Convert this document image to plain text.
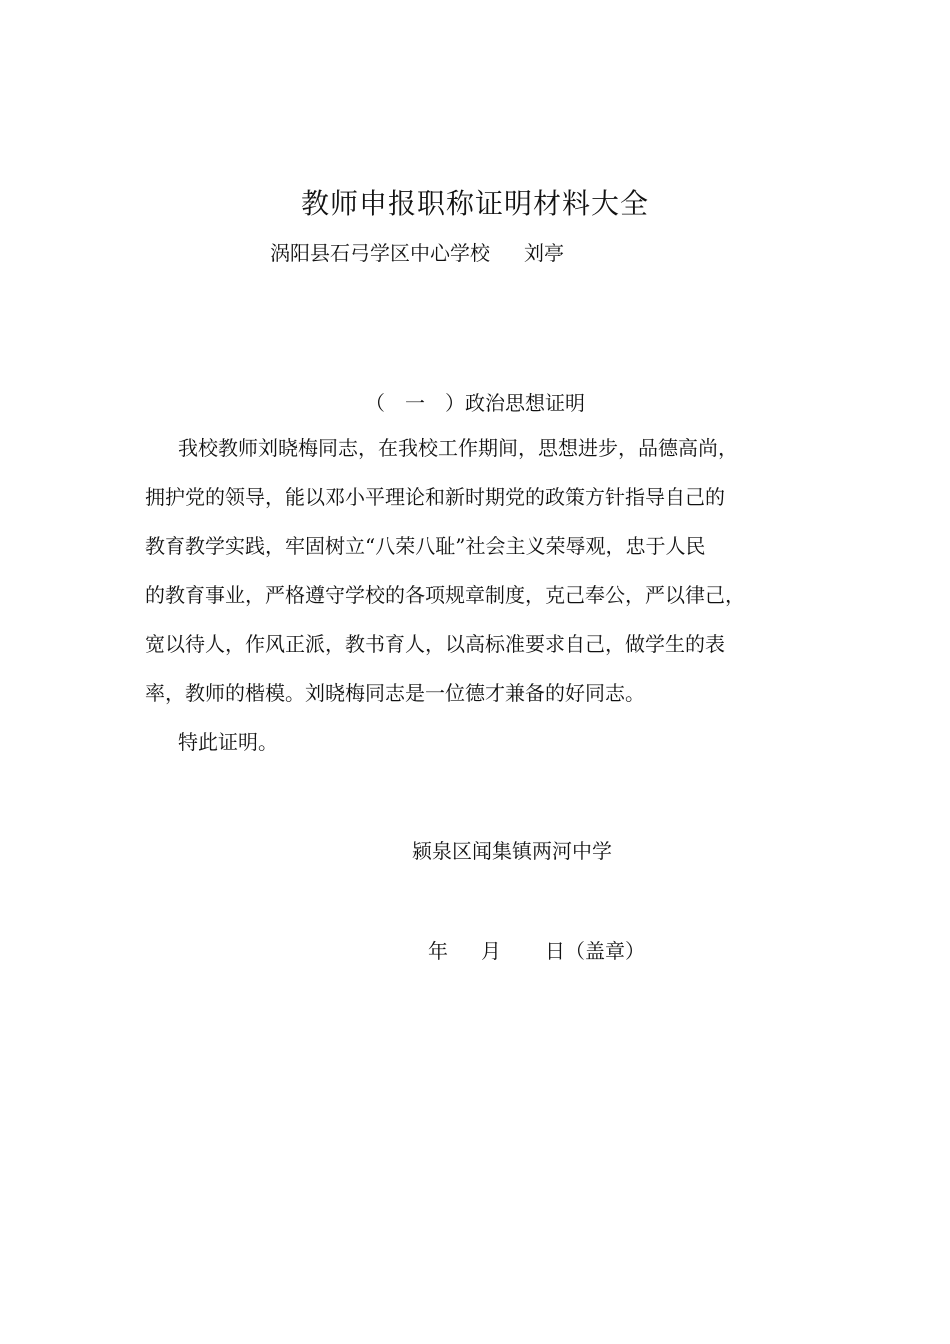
教师申报职称证明材料大全
涡阳县石弓学区中心学校 刘亭
（　一　）政治思想证明
我校教师刘晓梅同志，在我校工作期间，思想进步，品德高尚，
拥护党的领导，能以邓小平理论和新时期党的政策方针指导自己的
教育教学实践，牢固树立“八荣八耻”社会主义荣辱观，忠于人民
的教育事业，严格遵守学校的各项规章制度，克己奉公，严以律己，
宽以待人，作风正派，教书育人，以高标准要求自己，做学生的表
率，教师的楷模。刘晓梅同志是一位德才兼备的好同志。
特此证明。
颍泉区闻集镇两河中学
年 月 日（盖章）
